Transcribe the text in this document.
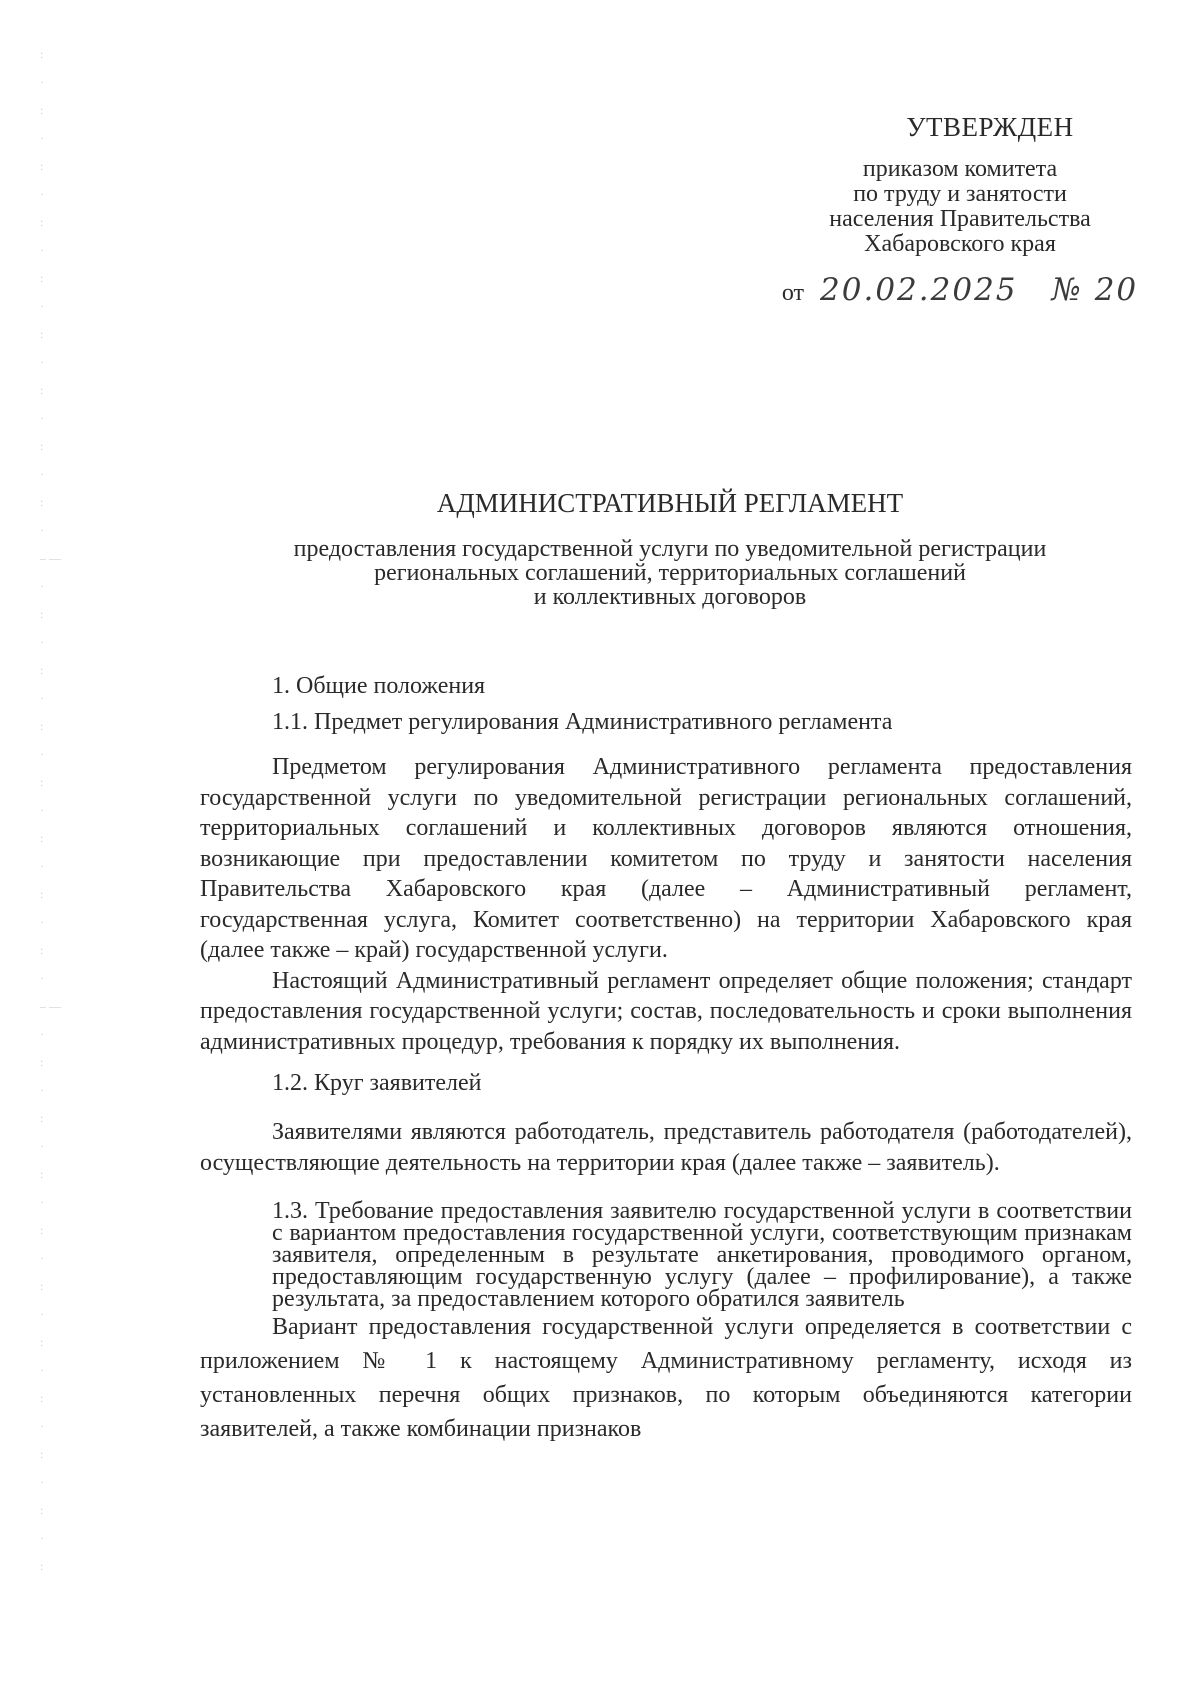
:
·
:
·
:
·
:
·
:
·
:
·
:
·
:
·
:
·
– —
·
:
·
:
·
:
·
:
·
:
·
:
·
:
·
– —
·
:
·
:
·
:
·
:
·
:
·
:
·
:
·
:
·
:
·
:
УТВЕРЖДЕН
приказом комитета
по труду и занятости
населения Правительства
Хабаровского края
от 20.02.2025 № 20
АДМИНИСТРАТИВНЫЙ РЕГЛАМЕНТ
предоставления государственной услуги по уведомительной регистрации
региональных соглашений, территориальных соглашений
и коллективных договоров

1. Общие положения

1.1. Предмет регулирования Административного регламента

Предметом регулирования Административного регламента предоставления государственной услуги по уведомительной регистрации региональных соглашений, территориальных соглашений и коллективных договоров являются отношения, возникающие при предоставлении комитетом по труду и занятости населения Правительства Хабаровского края (далее – Административный регламент, государственная услуга, Комитет соответственно) на территории Хабаровского края (далее также – край) государственной услуги.

Настоящий Административный регламент определяет общие положения; стандарт предоставления государственной услуги; состав, последовательность и сроки выполнения административных процедур, требования к порядку их выполнения.

1.2. Круг заявителей

Заявителями являются работодатель, представитель работодателя (работодателей), осуществляющие деятельность на территории края (далее также – заявитель).

1.3. Требование предоставления заявителю государственной услуги в соответствии с вариантом предоставления государственной услуги, соответствующим признакам заявителя, определенным в результате анкетирования, проводимого органом, предоставляющим государственную услугу (далее – профилирование), а также результата, за предоставлением которого обратился заявитель

Вариант предоставления государственной услуги определяется в соответствии с приложением № 1 к настоящему Административному регламенту, исходя из установленных перечня общих признаков, по которым объединяются категории заявителей, а также комбинации признаков
